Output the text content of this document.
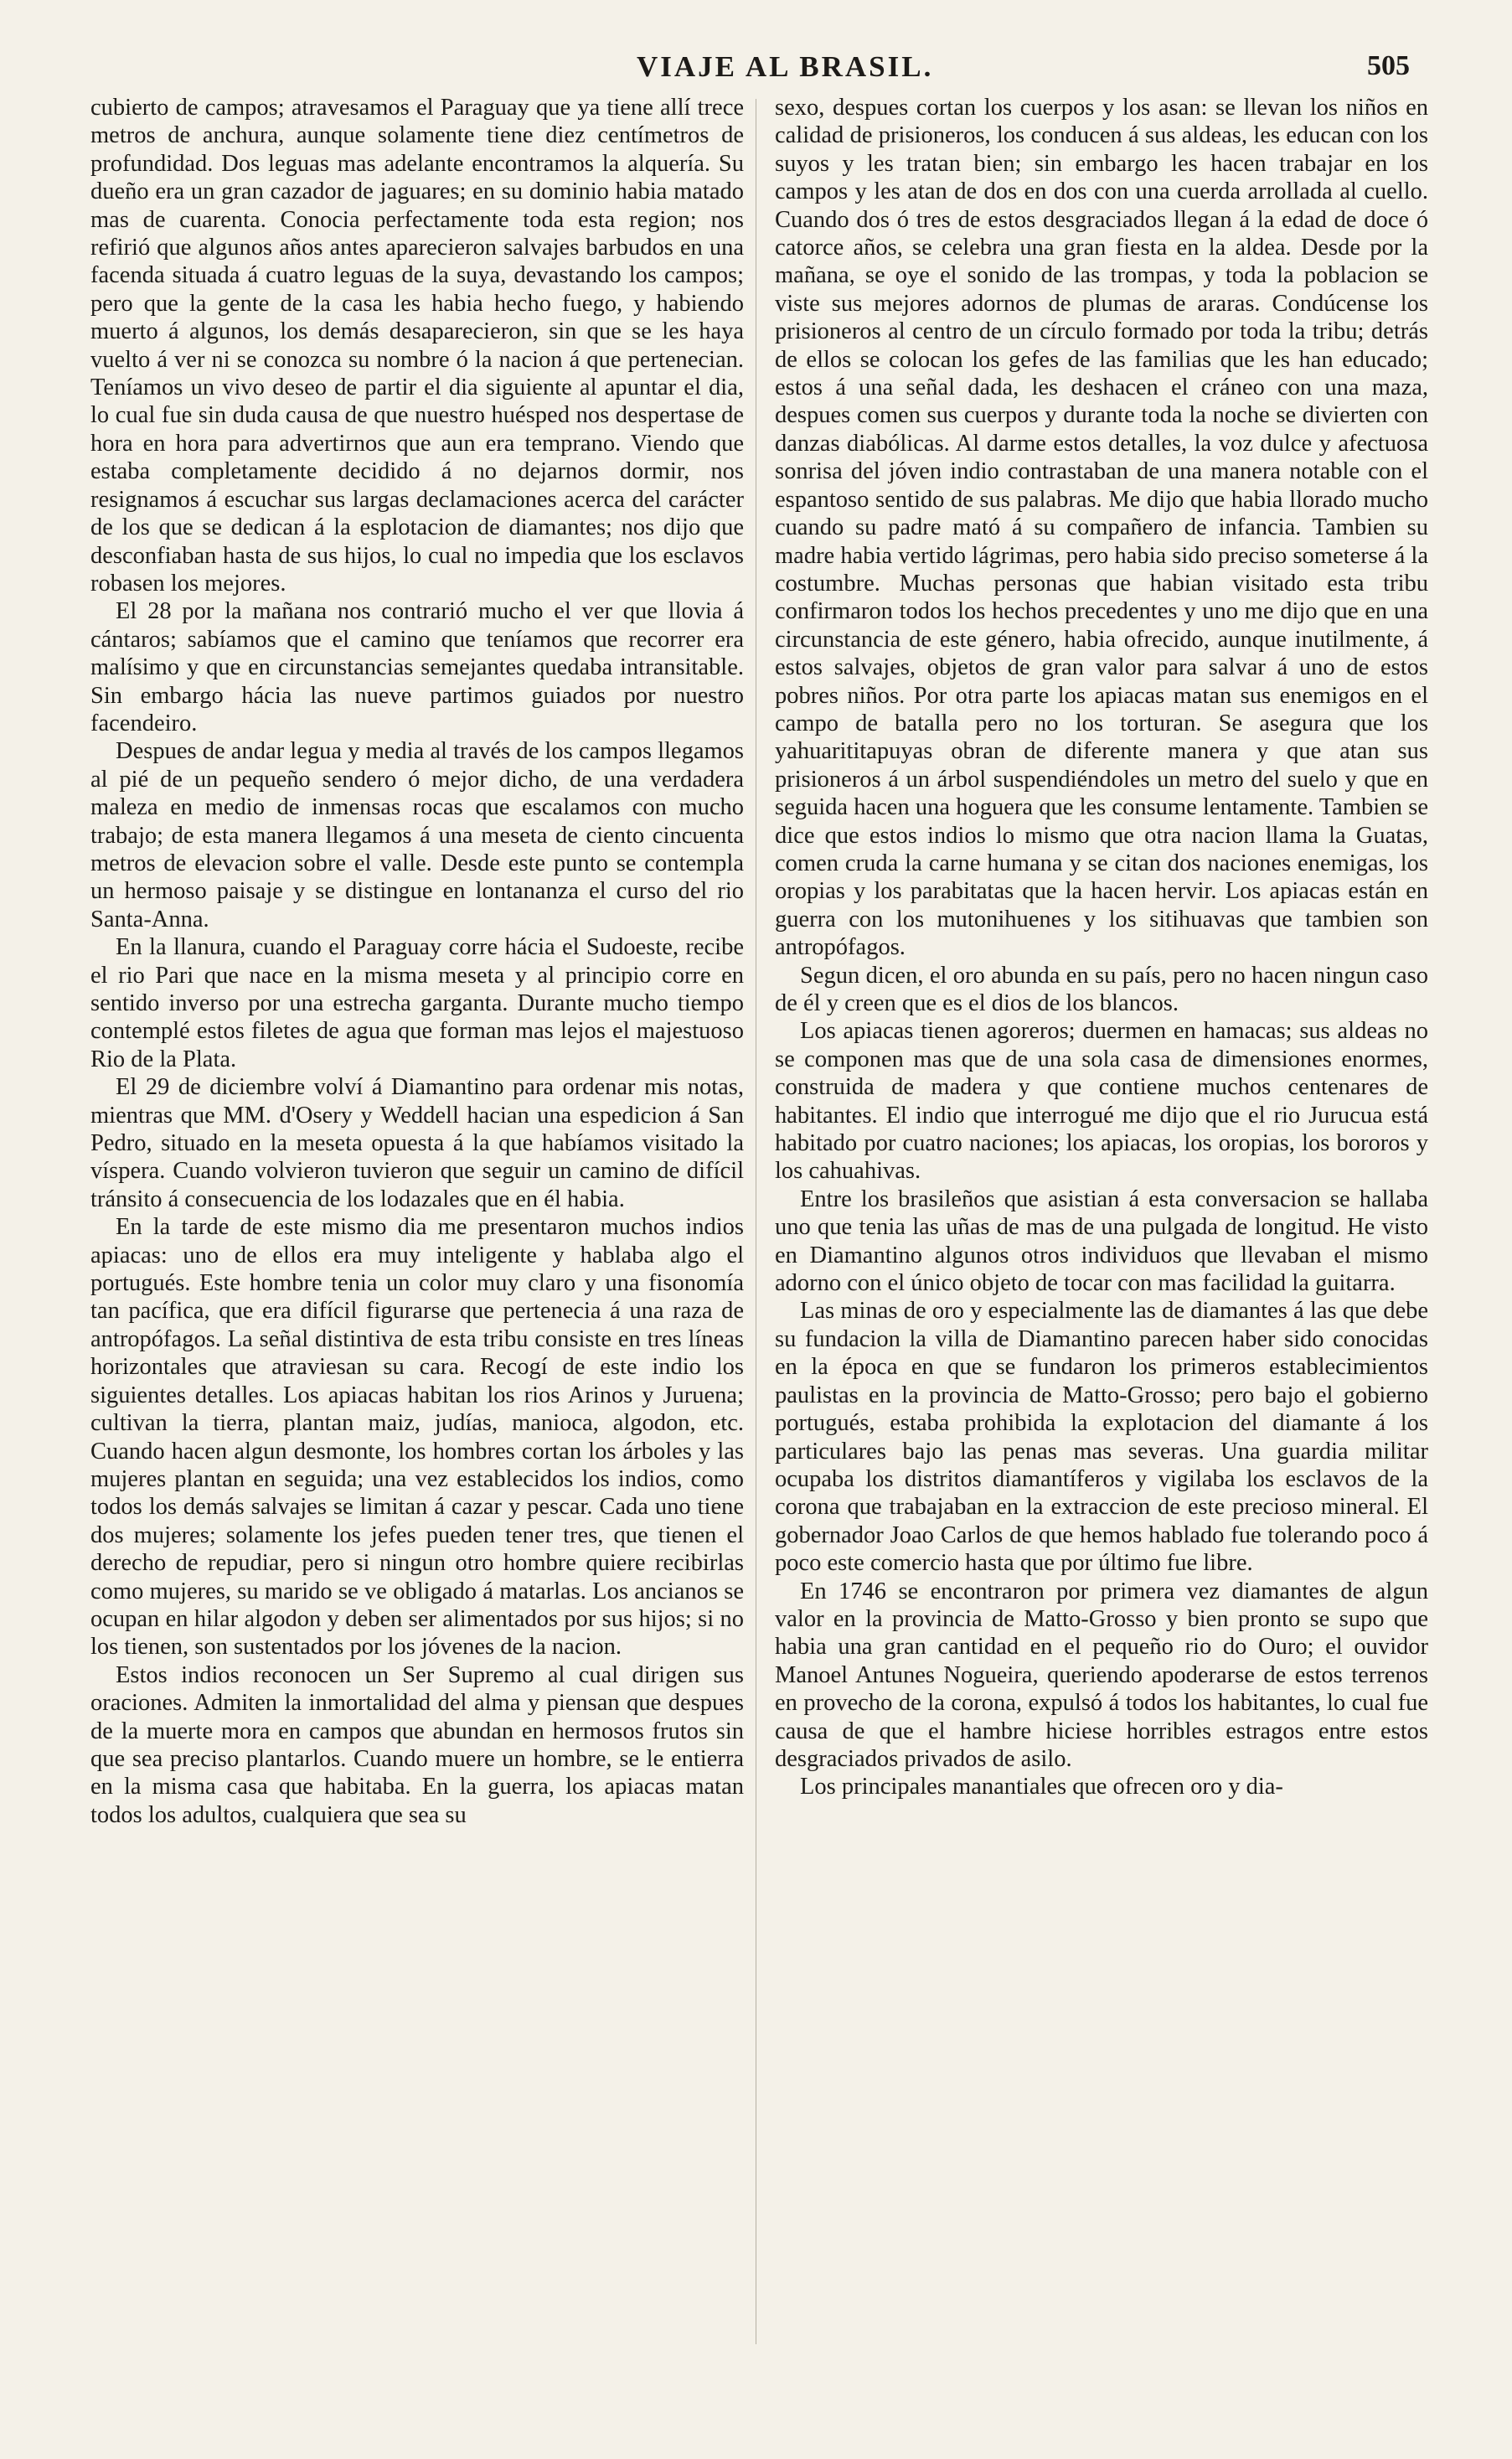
VIAJE AL BRASIL.	505

cubierto de campos; atravesamos el Paraguay que ya tiene allí trece metros de anchura, aunque solamente tiene diez centímetros de profundidad. Dos leguas mas adelante encontramos la alquería. Su dueño era un gran cazador de jaguares; en su dominio habia matado mas de cuarenta. Conocia perfectamente toda esta region; nos refirió que algunos años antes aparecieron salvajes barbudos en una facenda situada á cuatro leguas de la suya, devastando los campos; pero que la gente de la casa les habia hecho fuego, y habiendo muerto á algunos, los demás desaparecieron, sin que se les haya vuelto á ver ni se conozca su nombre ó la nacion á que pertenecian. Teníamos un vivo deseo de partir el dia siguiente al apuntar el dia, lo cual fue sin duda causa de que nuestro huésped nos despertase de hora en hora para advertirnos que aun era temprano. Viendo que estaba completamente decidido á no dejarnos dormir, nos resignamos á escuchar sus largas declamaciones acerca del carácter de los que se dedican á la esplotacion de diamantes; nos dijo que desconfiaban hasta de sus hijos, lo cual no impedia que los esclavos robasen los mejores.

El 28 por la mañana nos contrarió mucho el ver que llovia á cántaros; sabíamos que el camino que teníamos que recorrer era malísimo y que en circunstancias semejantes quedaba intransitable. Sin embargo hácia las nueve partimos guiados por nuestro facendeiro.

Despues de andar legua y media al través de los campos llegamos al pié de un pequeño sendero ó mejor dicho, de una verdadera maleza en medio de inmensas rocas que escalamos con mucho trabajo; de esta manera llegamos á una meseta de ciento cincuenta metros de elevacion sobre el valle. Desde este punto se contempla un hermoso paisaje y se distingue en lontananza el curso del rio Santa-Anna.

En la llanura, cuando el Paraguay corre hácia el Sudoeste, recibe el rio Pari que nace en la misma meseta y al principio corre en sentido inverso por una estrecha garganta. Durante mucho tiempo contemplé estos filetes de agua que forman mas lejos el majestuoso Rio de la Plata.

El 29 de diciembre volví á Diamantino para ordenar mis notas, mientras que MM. d'Osery y Weddell hacian una espedicion á San Pedro, situado en la meseta opuesta á la que habíamos visitado la víspera. Cuando volvieron tuvieron que seguir un camino de difícil tránsito á consecuencia de los lodazales que en él habia.

En la tarde de este mismo dia me presentaron muchos indios apiacas: uno de ellos era muy inteligente y hablaba algo el portugués. Este hombre tenia un color muy claro y una fisonomía tan pacífica, que era difícil figurarse que pertenecia á una raza de antropófagos. La señal distintiva de esta tribu consiste en tres líneas horizontales que atraviesan su cara. Recogí de este indio los siguientes detalles. Los apiacas habitan los rios Arinos y Juruena; cultivan la tierra, plantan maiz, judías, manioca, algodon, etc. Cuando hacen algun desmonte, los hombres cortan los árboles y las mujeres plantan en seguida; una vez establecidos los indios, como todos los demás salvajes se limitan á cazar y pescar. Cada uno tiene dos mujeres; solamente los jefes pueden tener tres, que tienen el derecho de repudiar, pero si ningun otro hombre quiere recibirlas como mujeres, su marido se ve obligado á matarlas. Los ancianos se ocupan en hilar algodon y deben ser alimentados por sus hijos; si no los tienen, son sustentados por los jóvenes de la nacion.

Estos indios reconocen un Ser Supremo al cual dirigen sus oraciones. Admiten la inmortalidad del alma y piensan que despues de la muerte mora en campos que abundan en hermosos frutos sin que sea preciso plantarlos. Cuando muere un hombre, se le entierra en la misma casa que habitaba. En la guerra, los apiacas matan todos los adultos, cualquiera que sea su

sexo, despues cortan los cuerpos y los asan: se llevan los niños en calidad de prisioneros, los conducen á sus aldeas, les educan con los suyos y les tratan bien; sin embargo les hacen trabajar en los campos y les atan de dos en dos con una cuerda arrollada al cuello. Cuando dos ó tres de estos desgraciados llegan á la edad de doce ó catorce años, se celebra una gran fiesta en la aldea. Desde por la mañana, se oye el sonido de las trompas, y toda la poblacion se viste sus mejores adornos de plumas de araras. Condúcense los prisioneros al centro de un círculo formado por toda la tribu; detrás de ellos se colocan los gefes de las familias que les han educado; estos á una señal dada, les deshacen el cráneo con una maza, despues comen sus cuerpos y durante toda la noche se divierten con danzas diabólicas. Al darme estos detalles, la voz dulce y afectuosa sonrisa del jóven indio contrastaban de una manera notable con el espantoso sentido de sus palabras. Me dijo que habia llorado mucho cuando su padre mató á su compañero de infancia. Tambien su madre habia vertido lágrimas, pero habia sido preciso someterse á la costumbre. Muchas personas que habian visitado esta tribu confirmaron todos los hechos precedentes y uno me dijo que en una circunstancia de este género, habia ofrecido, aunque inutilmente, á estos salvajes, objetos de gran valor para salvar á uno de estos pobres niños. Por otra parte los apiacas matan sus enemigos en el campo de batalla pero no los torturan. Se asegura que los yahuarititapuyas obran de diferente manera y que atan sus prisioneros á un árbol suspendiéndoles un metro del suelo y que en seguida hacen una hoguera que les consume lentamente. Tambien se dice que estos indios lo mismo que otra nacion llama la Guatas, comen cruda la carne humana y se citan dos naciones enemigas, los oropias y los parabitatas que la hacen hervir. Los apiacas están en guerra con los mutonihuenes y los sitihuavas que tambien son antropófagos.

Segun dicen, el oro abunda en su país, pero no hacen ningun caso de él y creen que es el dios de los blancos.

Los apiacas tienen agoreros; duermen en hamacas; sus aldeas no se componen mas que de una sola casa de dimensiones enormes, construida de madera y que contiene muchos centenares de habitantes. El indio que interrogué me dijo que el rio Jurucua está habitado por cuatro naciones; los apiacas, los oropias, los bororos y los cahuahivas.

Entre los brasileños que asistian á esta conversacion se hallaba uno que tenia las uñas de mas de una pulgada de longitud. He visto en Diamantino algunos otros individuos que llevaban el mismo adorno con el único objeto de tocar con mas facilidad la guitarra.

Las minas de oro y especialmente las de diamantes á las que debe su fundacion la villa de Diamantino parecen haber sido conocidas en la época en que se fundaron los primeros establecimientos paulistas en la provincia de Matto-Grosso; pero bajo el gobierno portugués, estaba prohibida la explotacion del diamante á los particulares bajo las penas mas severas. Una guardia militar ocupaba los distritos diamantíferos y vigilaba los esclavos de la corona que trabajaban en la extraccion de este precioso mineral. El gobernador Joao Carlos de que hemos hablado fue tolerando poco á poco este comercio hasta que por último fue libre.

En 1746 se encontraron por primera vez diamantes de algun valor en la provincia de Matto-Grosso y bien pronto se supo que habia una gran cantidad en el pequeño rio do Ouro; el ouvidor Manoel Antunes Nogueira, queriendo apoderarse de estos terrenos en provecho de la corona, expulsó á todos los habitantes, lo cual fue causa de que el hambre hiciese horribles estragos entre estos desgraciados privados de asilo.

Los principales manantiales que ofrecen oro y dia-
